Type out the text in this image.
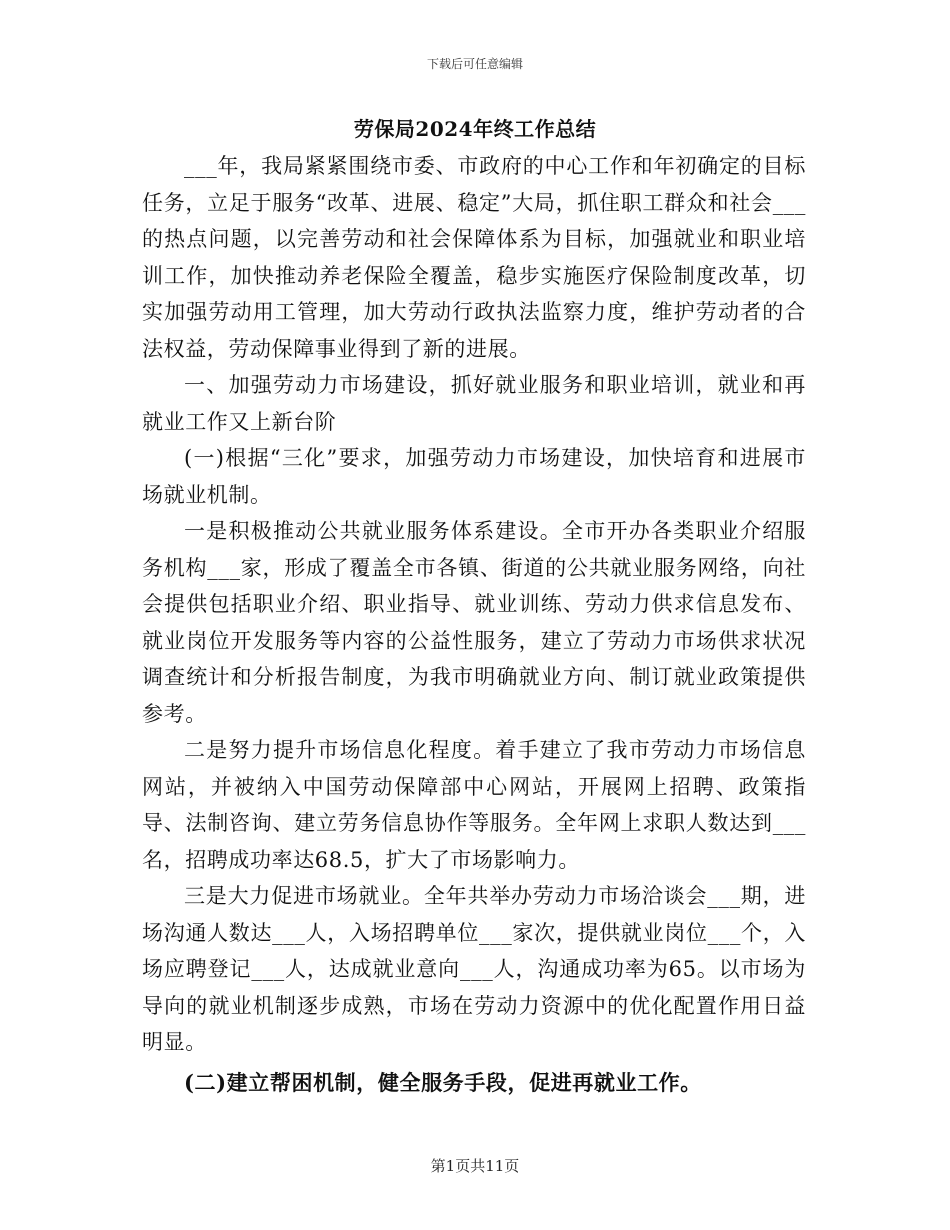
下载后可任意编辑
劳保局2024年终工作总结

___年，我局紧紧围绕市委、市政府的中心工作和年初确定的目标任务，立足于服务“改革、进展、稳定”大局，抓住职工群众和社会___的热点问题，以完善劳动和社会保障体系为目标，加强就业和职业培训工作，加快推动养老保险全覆盖，稳步实施医疗保险制度改革，切实加强劳动用工管理，加大劳动行政执法监察力度，维护劳动者的合法权益，劳动保障事业得到了新的进展。

一、加强劳动力市场建设，抓好就业服务和职业培训，就业和再就业工作又上新台阶

(一)根据“三化”要求，加强劳动力市场建设，加快培育和进展市场就业机制。

一是积极推动公共就业服务体系建设。全市开办各类职业介绍服务机构___家，形成了覆盖全市各镇、街道的公共就业服务网络，向社会提供包括职业介绍、职业指导、就业训练、劳动力供求信息发布、就业岗位开发服务等内容的公益性服务，建立了劳动力市场供求状况调查统计和分析报告制度，为我市明确就业方向、制订就业政策提供参考。

二是努力提升市场信息化程度。着手建立了我市劳动力市场信息网站，并被纳入中国劳动保障部中心网站，开展网上招聘、政策指导、法制咨询、建立劳务信息协作等服务。全年网上求职人数达到___名，招聘成功率达68.5，扩大了市场影响力。

三是大力促进市场就业。全年共举办劳动力市场洽谈会___期，进场沟通人数达___人，入场招聘单位___家次，提供就业岗位___个，入场应聘登记___人，达成就业意向___人，沟通成功率为65。以市场为导向的就业机制逐步成熟，市场在劳动力资源中的优化配置作用日益明显。

(二)建立帮困机制，健全服务手段，促进再就业工作。

第1页共11页
